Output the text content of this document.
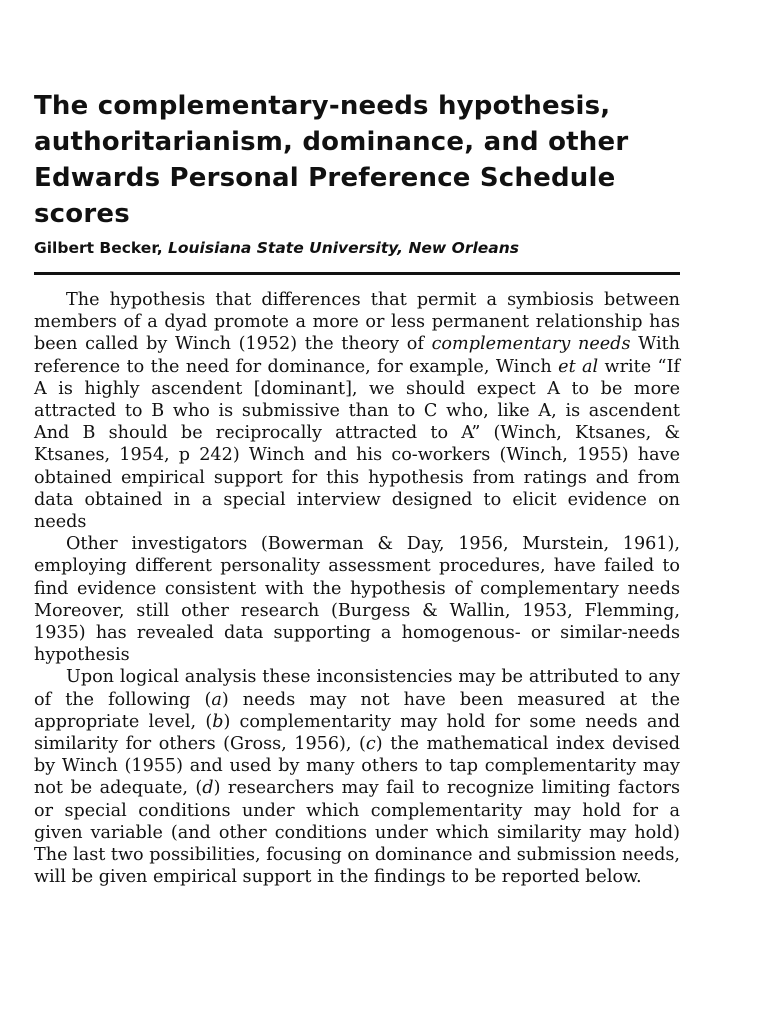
The complementary-needs hypothesis, authoritarianism, dominance, and other Edwards Personal Preference Schedule scores
Gilbert Becker, Louisiana State University, New Orleans

The hypothesis that differences that permit a symbiosis between members of a dyad promote a more or less permanent relationship has been called by Winch (1952) the theory of complementary needs With reference to the need for dominance, for example, Winch et al write “If A is highly ascendent [dominant], we should expect A to be more attracted to B who is submissive than to C who, like A, is ascendent And B should be reciprocally attracted to A” (Winch, Ktsanes, & Ktsanes, 1954, p 242) Winch and his co-workers (Winch, 1955) have obtained empirical support for this hypothesis from ratings and from data obtained in a special interview designed to elicit evidence on needs

Other investigators (Bowerman & Day, 1956, Murstein, 1961), employing different personality assessment procedures, have failed to find evidence consistent with the hypothesis of complementary needs Moreover, still other research (Burgess & Wallin, 1953, Flemming, 1935) has revealed data supporting a homogenous- or similar-needs hypothesis

Upon logical analysis these inconsistencies may be attributed to any of the following (a) needs may not have been measured at the appropriate level, (b) complementarity may hold for some needs and similarity for others (Gross, 1956), (c) the mathematical index devised by Winch (1955) and used by many others to tap complementarity may not be adequate, (d) researchers may fail to recognize limiting factors or special conditions under which complementarity may hold for a given variable (and other conditions under which similarity may hold) The last two possibilities, focusing on dominance and submission needs, will be given empirical support in the findings to be reported below.
